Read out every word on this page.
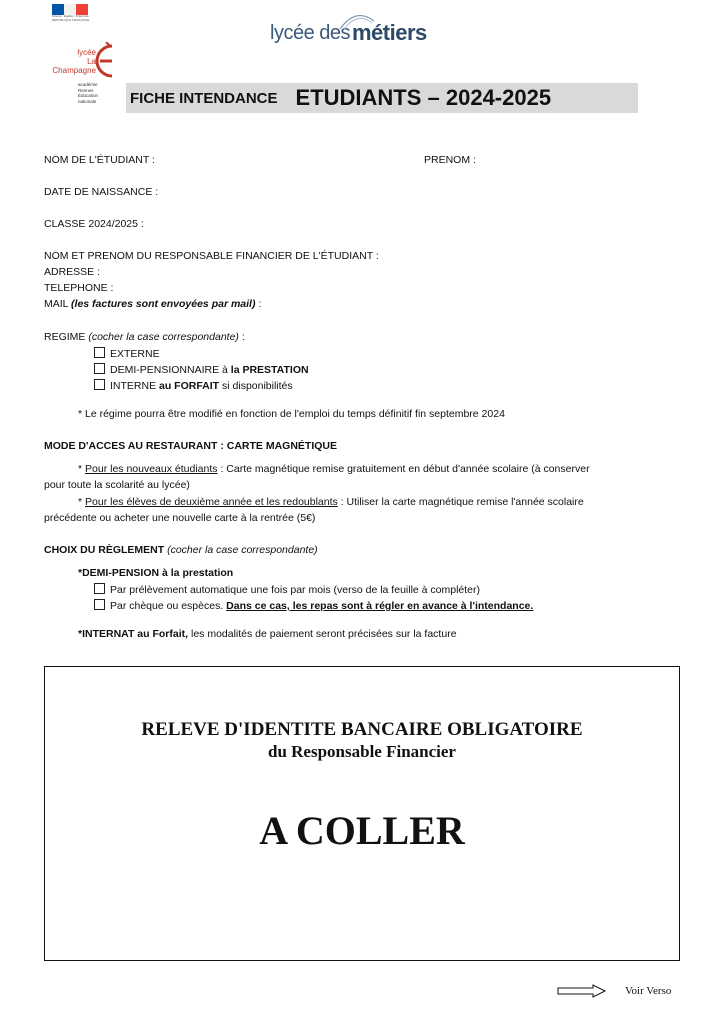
Liberté • Égalité • Fraternité RÉPUBLIQUE FRANÇAISE
lycée
La Champagne
académie
Rennes
Éducation
nationale
lycée des métiers
FICHE INTENDANCE ETUDIANTS – 2024-2025
NOM DE L'ÉTUDIANT :	PRENOM :
DATE DE NAISSANCE :
CLASSE 2024/2025 :
NOM ET PRENOM DU RESPONSABLE FINANCIER DE L'ÉTUDIANT :
ADRESSE :
TELEPHONE :
MAIL (les factures sont envoyées par mail) :
REGIME (cocher la case correspondante) :
EXTERNE
DEMI-PENSIONNAIRE à la PRESTATION
INTERNE au FORFAIT si disponibilités
* Le régime pourra être modifié en fonction de l'emploi du temps définitif fin septembre 2024
MODE D'ACCES AU RESTAURANT : CARTE MAGNÉTIQUE
* Pour les nouveaux étudiants : Carte magnétique remise gratuitement en début d'année scolaire (à conserver
pour toute la scolarité au lycée)
* Pour les élèves de deuxième année et les redoublants : Utiliser la carte magnétique remise l'année scolaire
précédente ou acheter une nouvelle carte à la rentrée (5€)
CHOIX DU RÈGLEMENT (cocher la case correspondante)
*DEMI-PENSION à la prestation
Par prélèvement automatique une fois par mois (verso de la feuille à compléter)
Par chèque ou espèces. Dans ce cas, les repas sont à régler en avance à l'intendance.
*INTERNAT au Forfait, les modalités de paiement seront précisées sur la facture
RELEVE D'IDENTITE BANCAIRE OBLIGATOIRE
du Responsable Financier
A COLLER
Voir Verso
